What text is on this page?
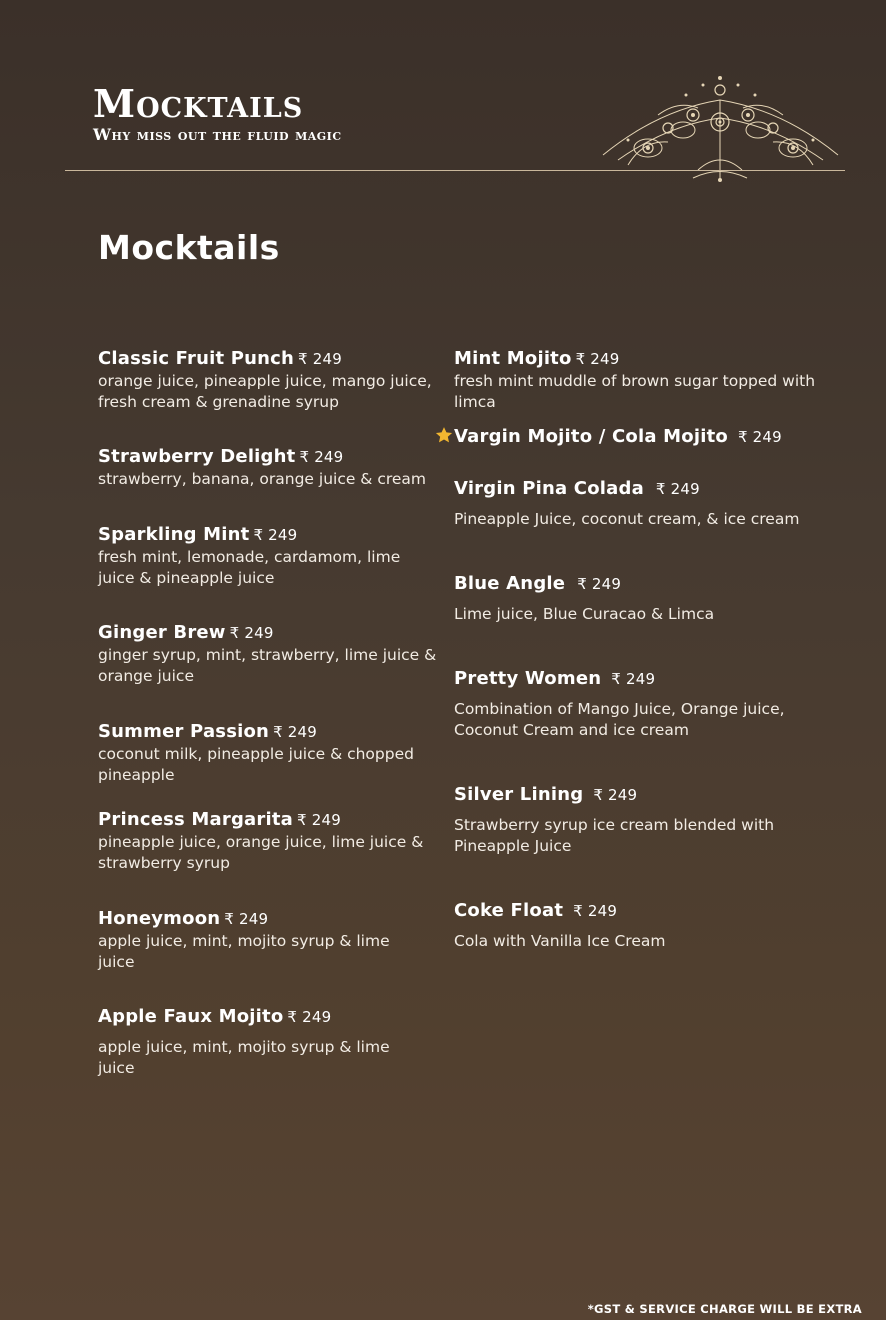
Mocktails
Why miss out the fluid magic
Mocktails
Classic Fruit Punch ₹ 249
orange juice, pineapple juice, mango juice, fresh cream & grenadine syrup
Strawberry Delight ₹ 249
strawberry, banana, orange juice & cream
Sparkling Mint ₹ 249
fresh mint, lemonade, cardamom, lime juice & pineapple juice
Ginger Brew ₹ 249
ginger syrup, mint, strawberry, lime juice & orange juice
Summer Passion ₹ 249
coconut milk, pineapple juice & chopped pineapple
Princess Margarita ₹ 249
pineapple juice, orange juice, lime juice & strawberry syrup
Honeymoon ₹ 249
apple juice, mint, mojito syrup & lime juice
Apple Faux Mojito ₹ 249
apple juice, mint, mojito syrup & lime juice
Mint Mojito ₹ 249
fresh mint muddle of brown sugar topped with limca
Vargin Mojito / Cola Mojito ₹ 249
Virgin Pina Colada ₹ 249
Pineapple Juice, coconut cream, & ice cream
Blue Angle ₹ 249
Lime juice, Blue Curacao & Limca
Pretty Women ₹ 249
Combination of Mango Juice, Orange juice, Coconut Cream and ice cream
Silver Lining ₹ 249
Strawberry syrup ice cream blended with Pineapple Juice
Coke Float ₹ 249
Cola with Vanilla Ice Cream
*GST & SERVICE CHARGE WILL BE EXTRA
